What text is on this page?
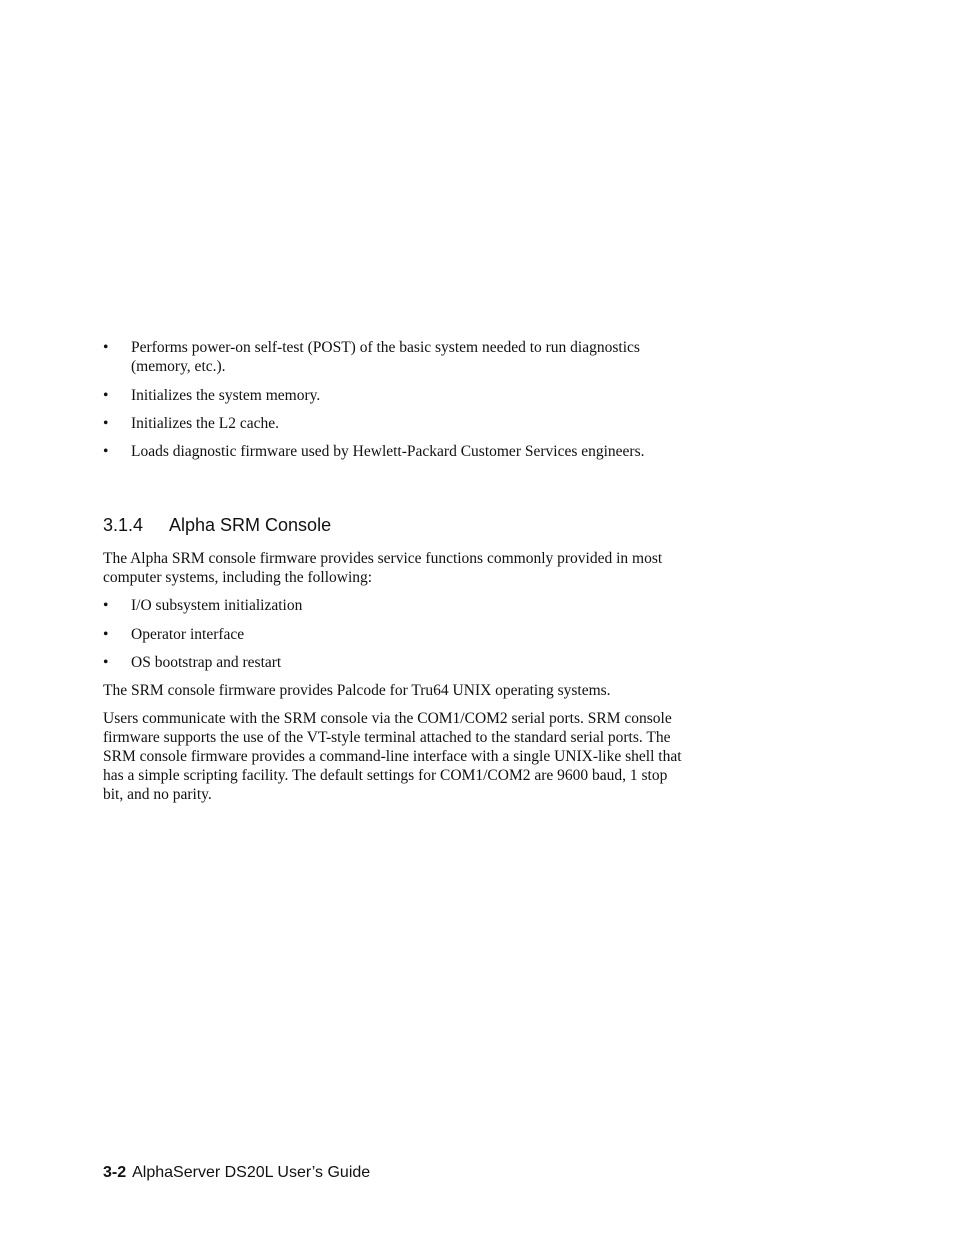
• Performs power-on self-test (POST) of the basic system needed to run diagnostics (memory, etc.).
• Initializes the system memory.
• Initializes the L2 cache.
• Loads diagnostic firmware used by Hewlett-Packard Customer Services engineers.
3.1.4 Alpha SRM Console

The Alpha SRM console firmware provides service functions commonly provided in most computer systems, including the following:

• I/O subsystem initialization
• Operator interface
• OS bootstrap and restart

The SRM console firmware provides Palcode for Tru64 UNIX operating systems.

Users communicate with the SRM console via the COM1/COM2 serial ports. SRM console firmware supports the use of the VT-style terminal attached to the standard serial ports. The SRM console firmware provides a command-line interface with a single UNIX-like shell that has a simple scripting facility. The default settings for COM1/COM2 are 9600 baud, 1 stop bit, and no parity.

3-2 AlphaServer DS20L User’s Guide
